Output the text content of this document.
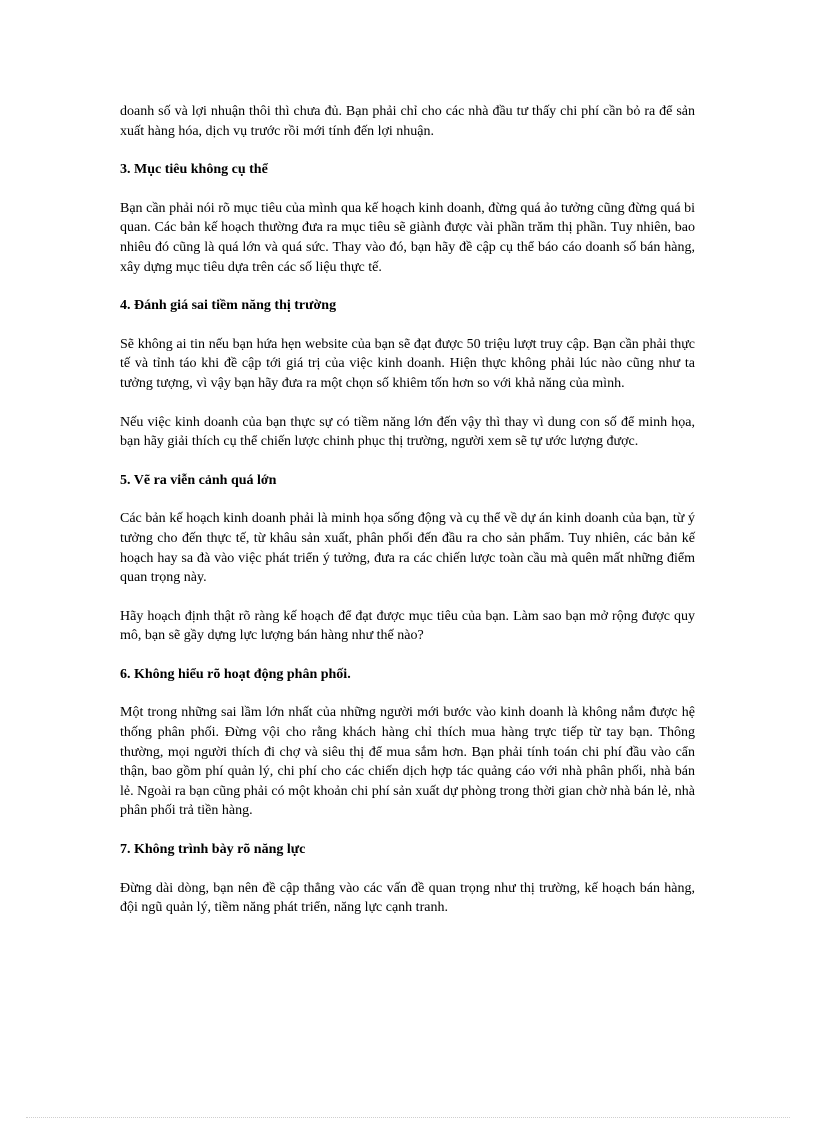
doanh số và lợi nhuận thôi thì chưa đủ. Bạn phải chỉ cho các nhà đầu tư thấy chi phí cần bỏ ra để sản xuất hàng hóa, dịch vụ trước rồi mới tính đến lợi nhuận.

3. Mục tiêu không cụ thể

Bạn cần phải nói rõ mục tiêu của mình qua kế hoạch kinh doanh, đừng quá ảo tưởng cũng đừng quá bi quan. Các bản kế hoạch thường đưa ra mục tiêu sẽ giành được vài phần trăm thị phần. Tuy nhiên, bao nhiêu đó cũng là quá lớn và quá sức. Thay vào đó, bạn hãy đề cập cụ thể báo cáo doanh số bán hàng, xây dựng mục tiêu dựa trên các số liệu thực tế.

4. Đánh giá sai tiềm năng thị trường

Sẽ không ai tin nếu bạn hứa hẹn website của bạn sẽ đạt được 50 triệu lượt truy cập. Bạn cần phải thực tế và tỉnh táo khi đề cập tới giá trị của việc kinh doanh. Hiện thực không phải lúc nào cũng như ta tưởng tượng, vì vậy bạn hãy đưa ra một chọn số khiêm tốn hơn so với khả năng của mình.

Nếu việc kinh doanh của bạn thực sự có tiềm năng lớn đến vậy thì thay vì dung con số để minh họa, bạn hãy giải thích cụ thể chiến lược chinh phục thị trường, người xem sẽ tự ước lượng được.

5. Vẽ ra viễn cảnh quá lớn

Các bản kế hoạch kinh doanh phải là minh họa sống động và cụ thể về dự án kinh doanh của bạn, từ ý tưởng cho đến thực tế, từ khâu sản xuất, phân phối đến đầu ra cho sản phẩm. Tuy nhiên, các bản kế hoạch hay sa đà vào việc phát triển ý tưởng, đưa ra các chiến lược toàn cầu mà quên mất những điểm quan trọng này.

Hãy hoạch định thật rõ ràng kế hoạch để đạt được mục tiêu của bạn. Làm sao bạn mở rộng được quy mô, bạn sẽ gầy dựng lực lượng bán hàng như thế nào?

6. Không hiểu rõ hoạt động phân phối.

Một trong những sai lầm lớn nhất của những người mới bước vào kinh doanh là không nắm được hệ thống phân phối. Đừng vội cho rằng khách hàng chỉ thích mua hàng trực tiếp từ tay bạn. Thông thường, mọi người thích đi chợ và siêu thị để mua sắm hơn. Bạn phải tính toán chi phí đầu vào cẩn thận, bao gồm phí quản lý, chi phí cho các chiến dịch hợp tác quảng cáo với nhà phân phối, nhà bán lẻ. Ngoài ra bạn cũng phải có một khoản chi phí sản xuất dự phòng trong thời gian chờ nhà bán lẻ, nhà phân phối trả tiền hàng.

7. Không trình bày rõ năng lực

Đừng dài dòng, bạn nên đề cập thẳng vào các vấn đề quan trọng như thị trường, kế hoạch bán hàng, đội ngũ quản lý, tiềm năng phát triển, năng lực cạnh tranh.
